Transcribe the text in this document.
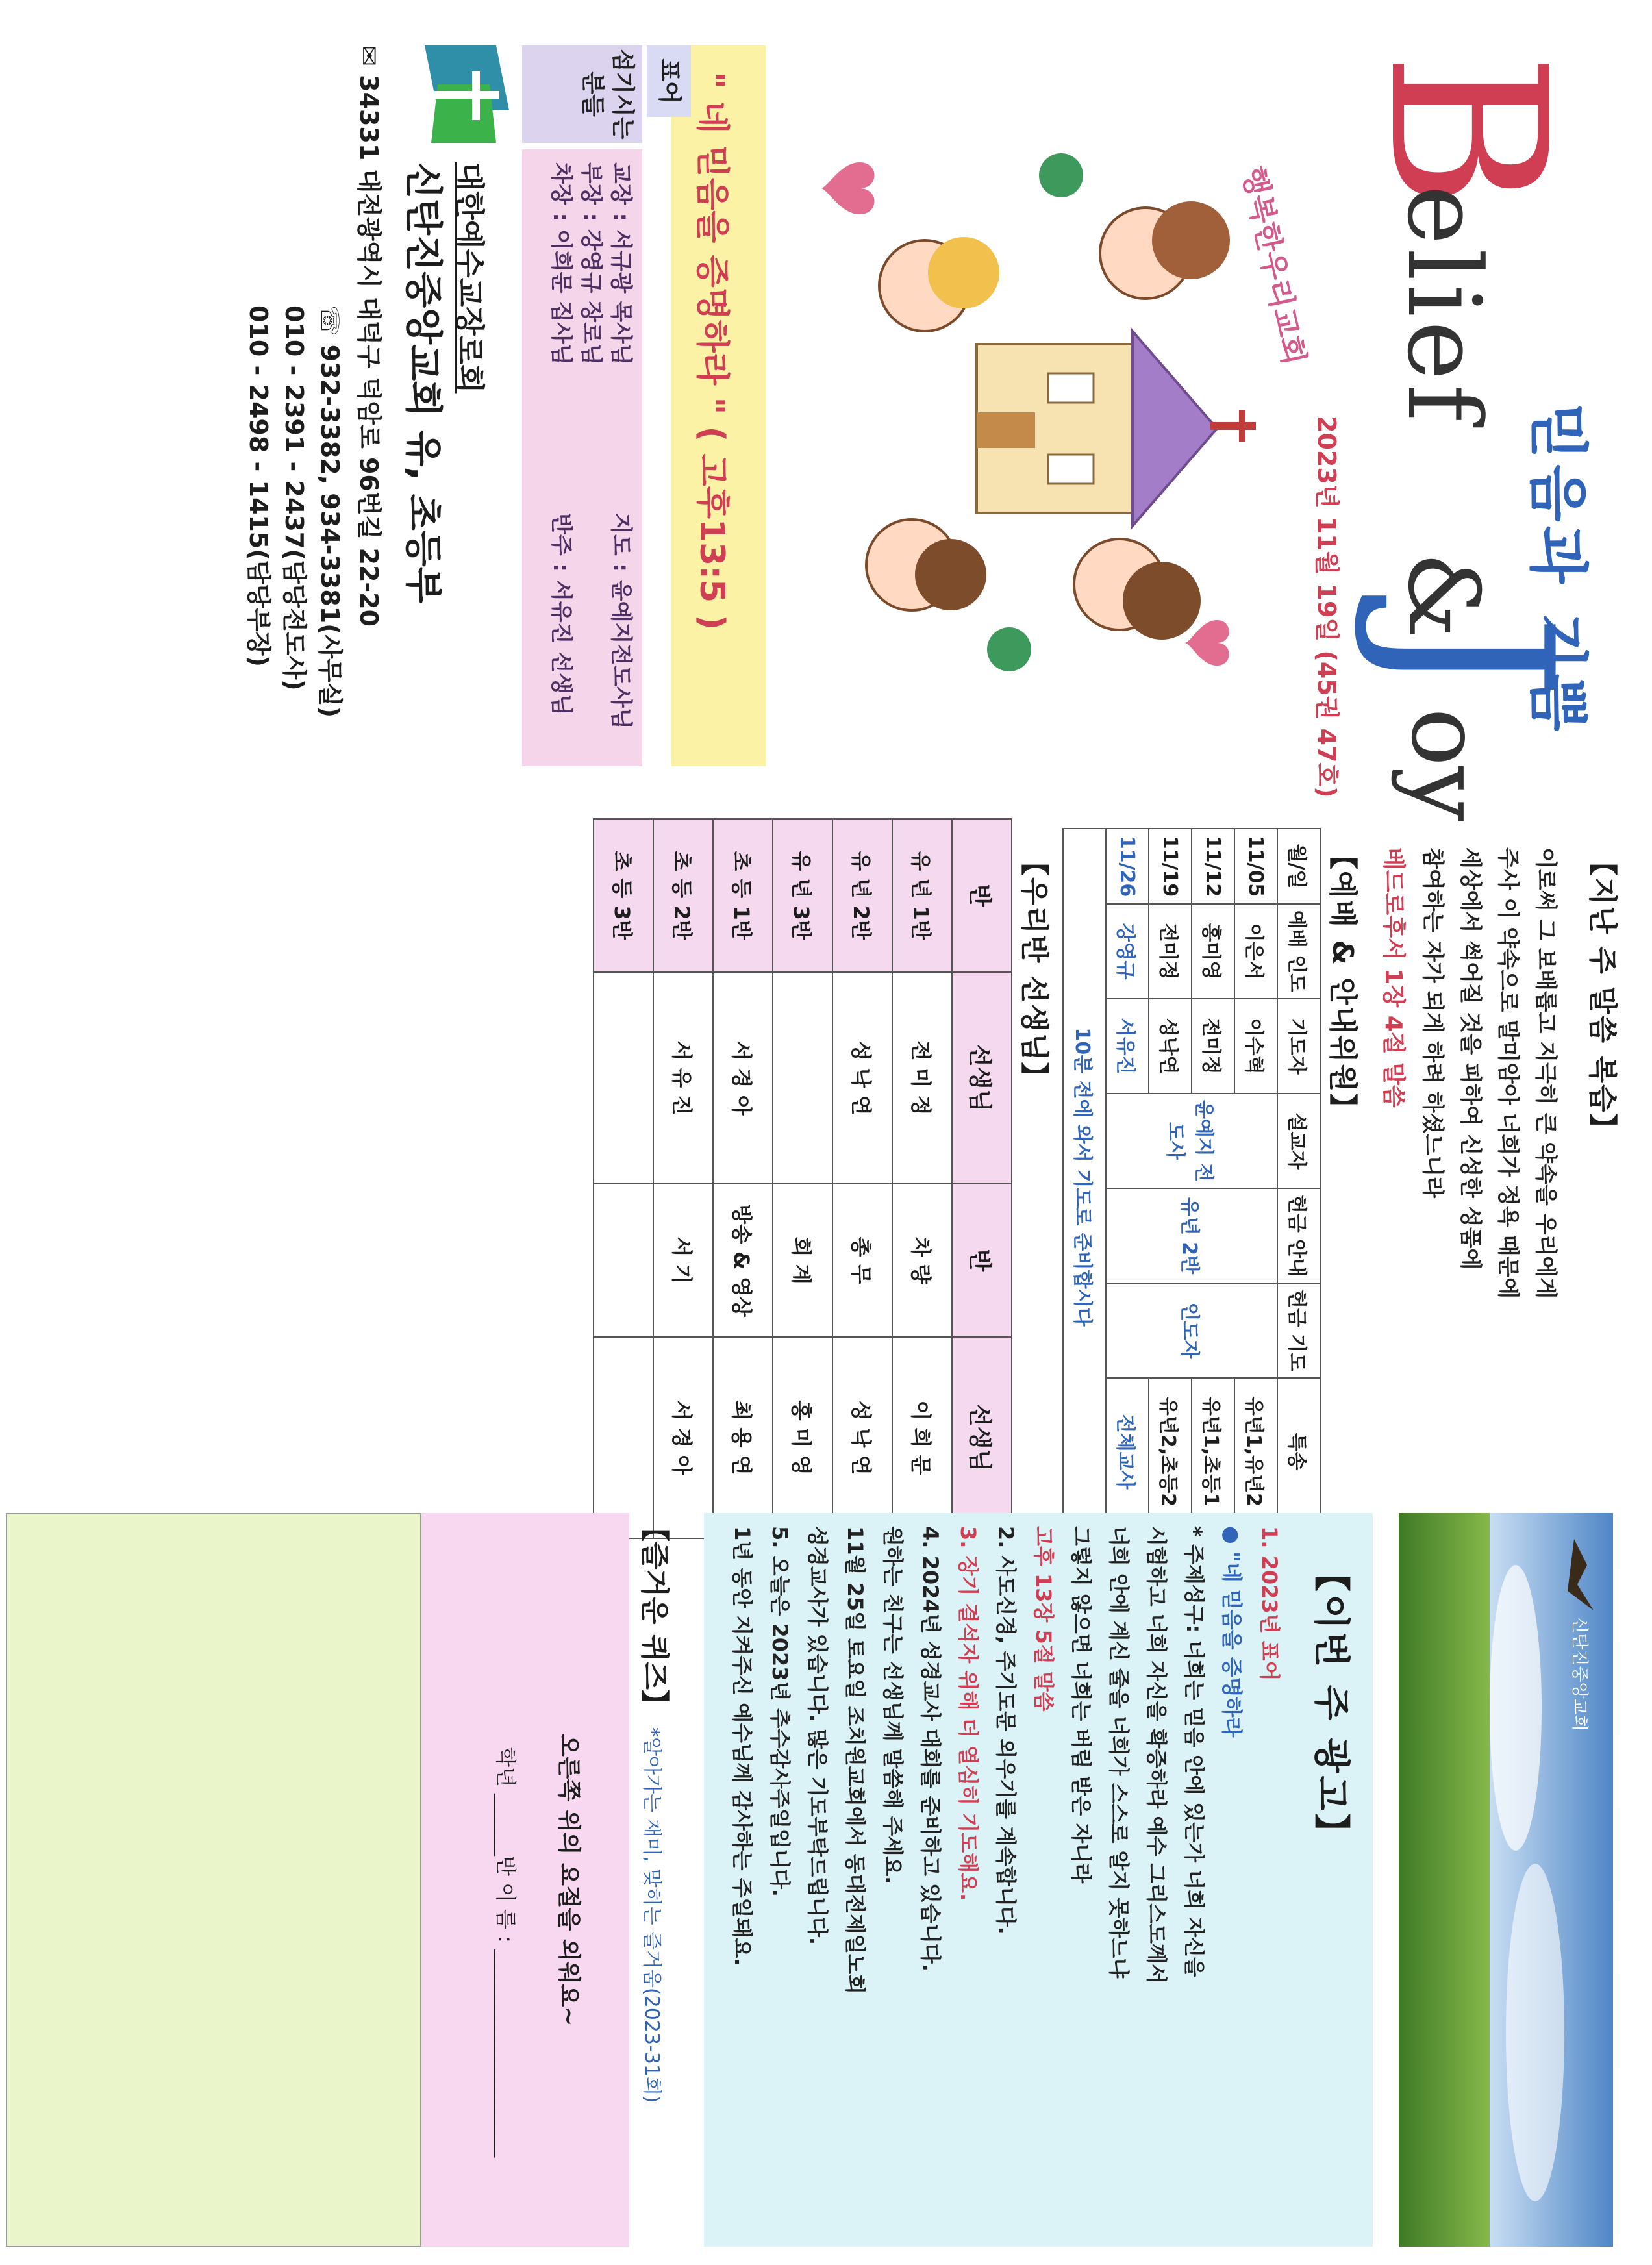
믿음과 기쁨
B
elief
&
J
oy
2023년 11월 19일 (45권 47호)
행복한우리교회
" 네 믿음을 증명하라 " ( 고후13:5 )
표어
섬기시는분들
교장 : 서규광 목사님
지도 : 윤예지전도사님
부장 : 강영규 장로님
차장 : 이희문 집사님
반주 : 서유진 선생님
대한예수교장로회
신탄진중앙교회 유, 초등부
✉ 34331 대전광역시 대덕구 덕암로 96번길 22-20
☏ 932-3382, 934-3381(사무실)
010 - 2391 - 2437(담당전도사)
010 - 2498 - 1415(담당부장)
【지난 주 말씀 복습】
이로써 그 보배롭고 지극히 큰 약속을 우리에게
주사 이 약속으로 말미암아 너희가 정욕 때문에
세상에서 썩어질 것을 피하여 신성한 성품에
참여하는 자가 되게 하려 하셨느니라
베드로후서 1장 4절 말씀
【예배 & 안내위원】
월/일	예배 인도	기도자	설교자	헌금 안내	헌금 기도	특송
11/05	이은서	이수혁	윤예지 전도사	유년 2반	인도자	유년1,유년2
11/12	홍미영	전미정				유년1,초등1
11/19	전미정	성낙연				유년2,초등2
11/26	강영규	서유진				전체교사
10분 전에 와서 기도로 준비합시다						
【우리반 선생님】
반	선생님	반	선생님
유 년 1반	전 미 정	차 량	이 희 문
유 년 2반	성 낙 연	총 무	성 낙 연
유 년 3반		회 계	홍 미 영
초 등 1반	서 경 아	방송 & 영상	최 용 연
초 등 2반	서 유 진	서 기	서 경 아
초 등 3반			
신탄진중앙교회
【이번 주 광고】
1. 2023년 표어
● "네 믿음을 증명하라
* 주제성구: 너희는 믿음 안에 있는가 너희 자신을
시험하고 너희 자신을 확증하라 예수 그리스도께서
너희 안에 계신 줄을 너희가 스스로 알지 못하느냐
그렇지 않으면 너희는 버림 받은 자니라
고후 13장 5절 말씀
2. 사도신경, 주기도문 외우기를 계속합니다.
3. 장기 결석자 위해 더 열심히 기도해요.
4. 2024년 성경교사 대회를 준비하고 있습니다.
원하는 친구는 선생님께 말씀해 주세요.
11월 25일 토요일 조치원교회에서 동대전제일노회
성경교사가 있습니다. 많은 기도부탁드립니다.
5. 오늘은 2023년 추수감사주일입니다.
1년 동안 지켜주신 예수님께 감사하는 주일돼요.
【즐거운 퀴즈】
*알아가는 재미, 맞히는 즐거움(2023-31회)
오른쪽 위의 요절을 외워요~
학년 ______반 이 름 : ____________________
